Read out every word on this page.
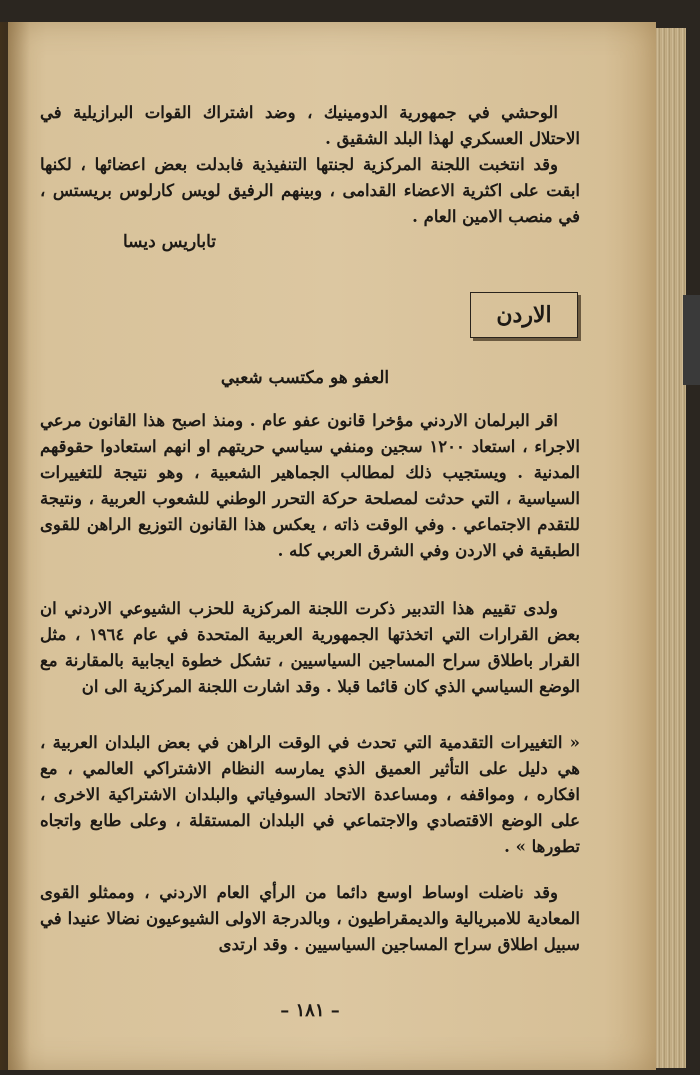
الوحشي في جمهورية الدومينيك ، وضد اشتراك القوات البرازيلية في الاحتلال العسكري لهذا البلد الشقيق .

وقد انتخبت اللجنة المركزية لجنتها التنفيذية فابدلت بعض اعضائها ، لكنها ابقت على اكثرية الاعضاء القدامى ، وبينهم الرفيق لويس كارلوس بريستس ، في منصب الامين العام .

تاباريس ديسا
الاردن
العفو هو مكتسب شعبي

اقر البرلمان الاردني مؤخرا قانون عفو عام . ومنذ اصبح هذا القانون مرعي الاجراء ، استعاد ١٢٠٠ سجين ومنفي سياسي حريتهم او انهم استعادوا حقوقهم المدنية . ويستجيب ذلك لمطالب الجماهير الشعبية ، وهو نتيجة للتغييرات السياسية ، التي حدثت لمصلحة حركة التحرر الوطني للشعوب العربية ، ونتيجة للتقدم الاجتماعي . وفي الوقت ذاته ، يعكس هذا القانون التوزيع الراهن للقوى الطبقية في الاردن وفي الشرق العربي كله .

ولدى تقييم هذا التدبير ذكرت اللجنة المركزية للحزب الشيوعي الاردني ان بعض القرارات التي اتخذتها الجمهورية العربية المتحدة في عام ١٩٦٤ ، مثل القرار باطلاق سراح المساجين السياسيين ، تشكل خطوة ايجابية بالمقارنة مع الوضع السياسي الذي كان قائما قبلا . وقد اشارت اللجنة المركزية الى ان

« التغييرات التقدمية التي تحدث في الوقت الراهن في بعض البلدان العربية ، هي دليل على التأثير العميق الذي يمارسه النظام الاشتراكي العالمي ، مع افكاره ، ومواقفه ، ومساعدة الاتحاد السوفياتي والبلدان الاشتراكية الاخرى ، على الوضع الاقتصادي والاجتماعي في البلدان المستقلة ، وعلى طابع واتجاه تطورها » .

وقد ناضلت اوساط اوسع دائما من الرأي العام الاردني ، وممثلو القوى المعادية للامبريالية والديمقراطيون ، وبالدرجة الاولى الشيوعيون نضالا عنيدا في سبيل اطلاق سراح المساجين السياسيين . وقد ارتدى

– ١٨١ –
